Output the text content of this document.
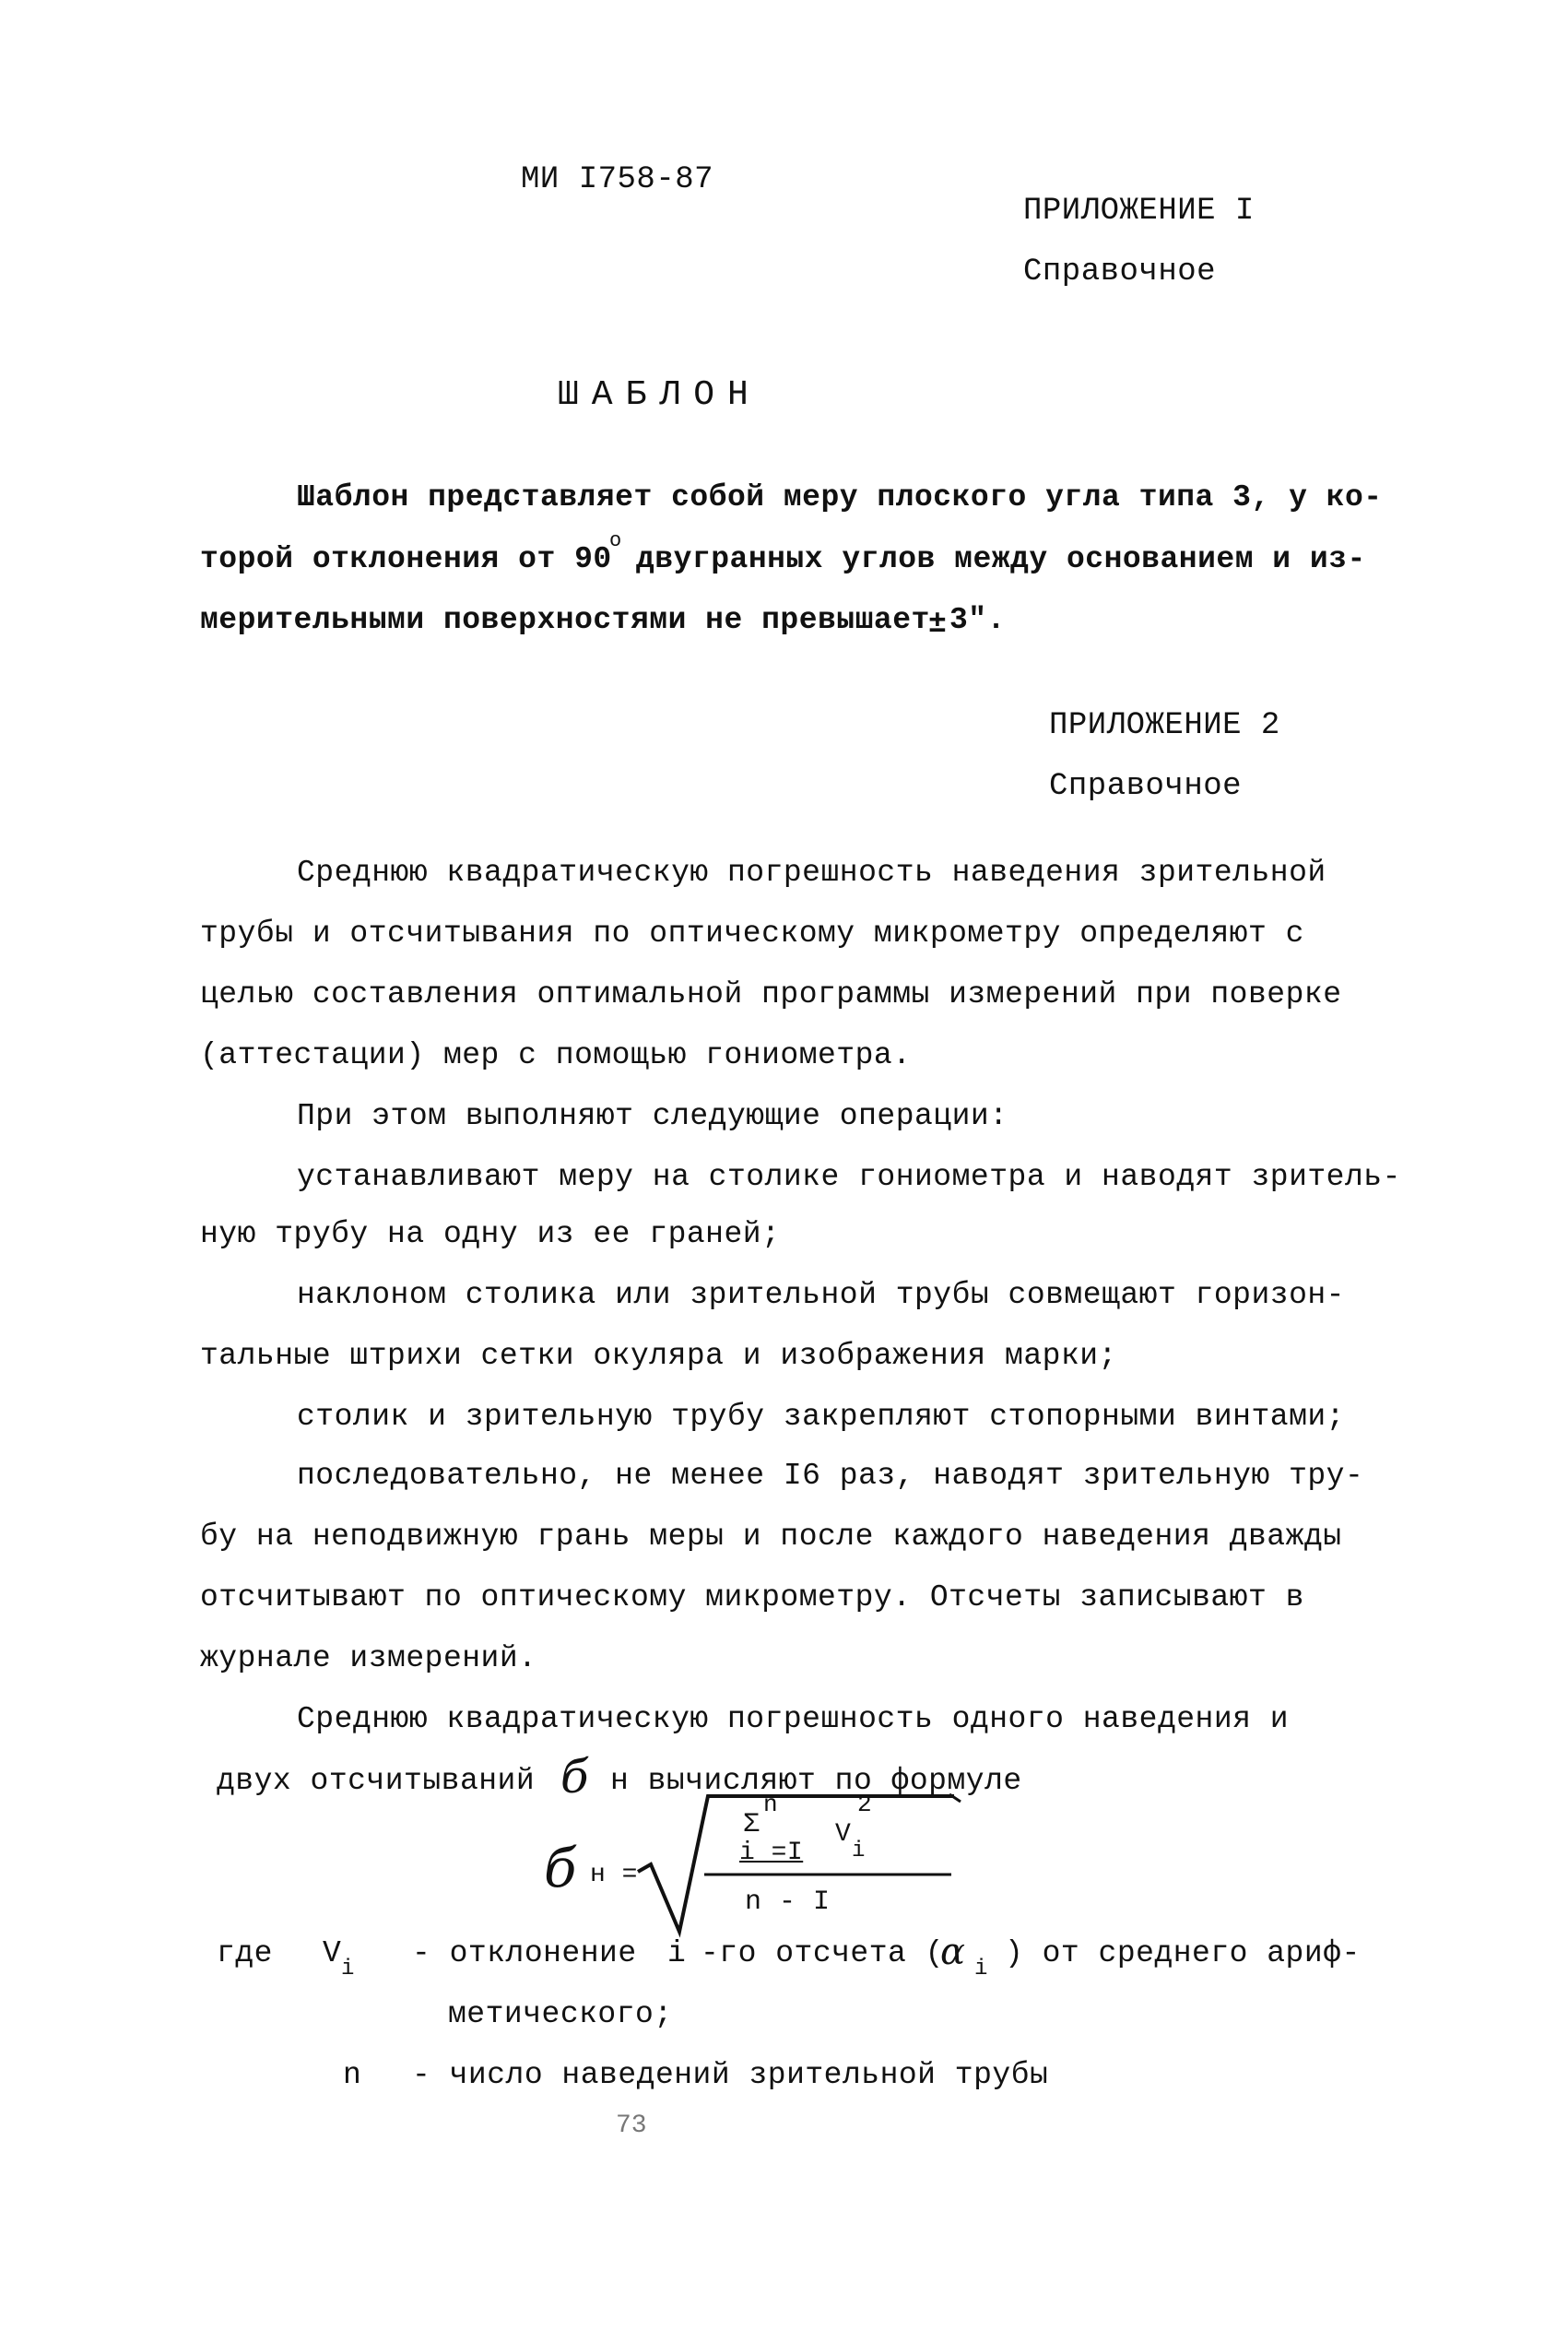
МИ I758-87
ПРИЛОЖЕНИЕ I
Справочное
ШАБЛОН
Шаблон представляет собой меру плоского угла типа 3, у ко-
торой отклонения от 90
o
двугранных углов между основанием и из-
мерительными поверхностями не превышает
± 3".
ПРИЛОЖЕНИЕ 2
Справочное
Среднюю квадратическую погрешность наведения зрительной
трубы и отсчитывания по оптическому микрометру определяют с
целью составления оптимальной программы измерений при поверке
(аттестации) мер с помощью гониометра.
При этом выполняют следующие операции:
устанавливают меру на столике гониометра и наводят зритель-
ную трубу на одну из ее граней;
наклоном столика или зрительной трубы совмещают горизон-
тальные штрихи сетки окуляра и изображения марки;
столик и зрительную трубу закрепляют стопорными винтами;
последовательно, не менее I6 раз, наводят зрительную тру-
бу на неподвижную грань меры и после каждого наведения дважды
отсчитывают по оптическому микрометру. Отсчеты записывают в
журнале измерений.
Среднюю квадратическую погрешность одного наведения и
двух отсчитываний б н вычисляют по формуле
б н =
n	2
Σ
i =I
V
i
n - I
где V i - отклонение i -го отсчета (
α i ) от среднего ариф-
метического;
n - число наведений зрительной трубы
73
